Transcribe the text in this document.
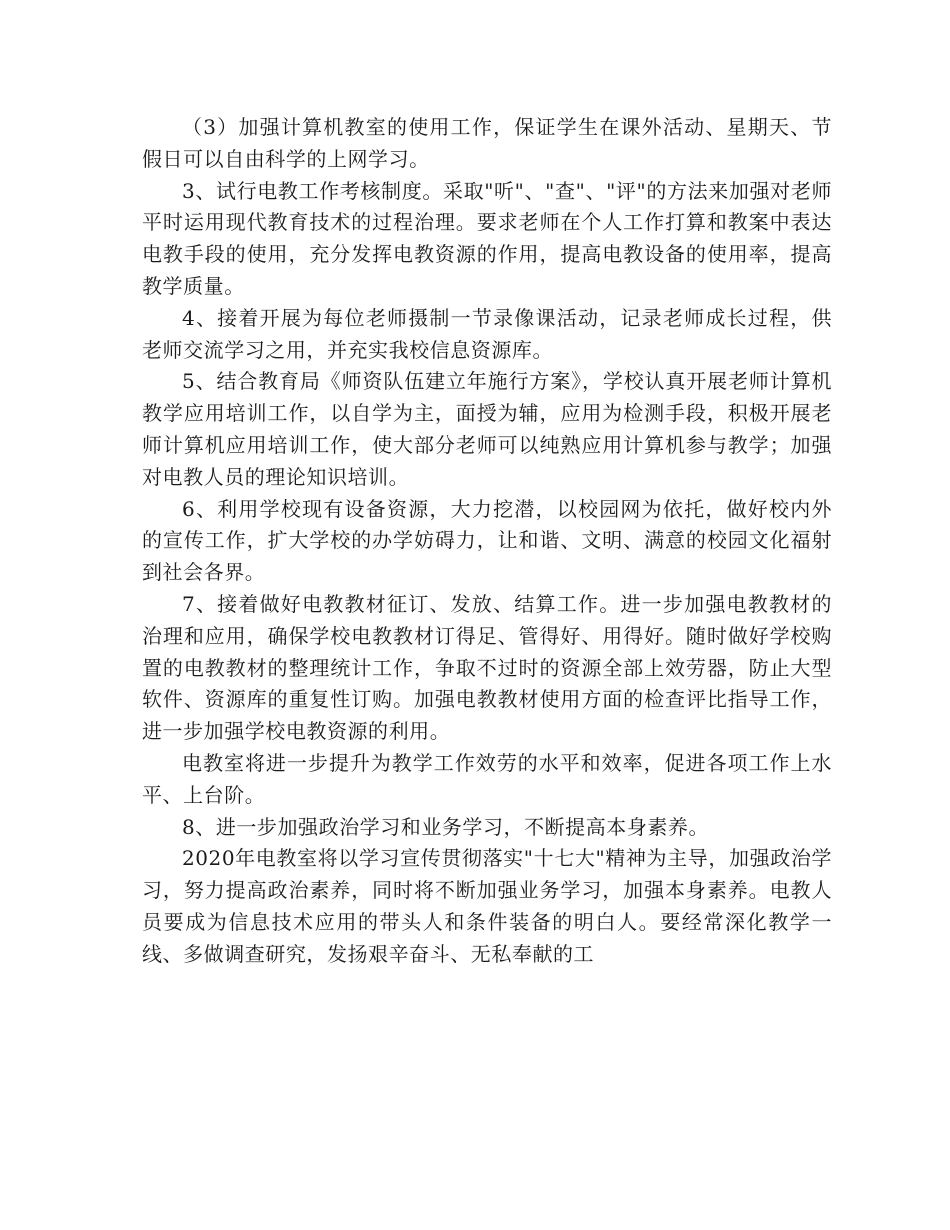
（3）加强计算机教室的使用工作，保证学生在课外活动、星期天、节假日可以自由科学的上网学习。

3、试行电教工作考核制度。采取"听"、"查"、"评"的方法来加强对老师平时运用现代教育技术的过程治理。要求老师在个人工作打算和教案中表达电教手段的使用，充分发挥电教资源的作用，提高电教设备的使用率，提高教学质量。

4、接着开展为每位老师摄制一节录像课活动，记录老师成长过程，供老师交流学习之用，并充实我校信息资源库。

5、结合教育局《师资队伍建立年施行方案》，学校认真开展老师计算机教学应用培训工作，以自学为主，面授为辅，应用为检测手段，积极开展老师计算机应用培训工作，使大部分老师可以纯熟应用计算机参与教学；加强对电教人员的理论知识培训。

6、利用学校现有设备资源，大力挖潜，以校园网为依托，做好校内外的宣传工作，扩大学校的办学妨碍力，让和谐、文明、满意的校园文化福射到社会各界。

7、接着做好电教教材征订、发放、结算工作。进一步加强电教教材的治理和应用，确保学校电教教材订得足、管得好、用得好。随时做好学校购置的电教教材的整理统计工作，争取不过时的资源全部上效劳器，防止大型软件、资源库的重复性订购。加强电教教材使用方面的检查评比指导工作，进一步加强学校电教资源的利用。

电教室将进一步提升为教学工作效劳的水平和效率，促进各项工作上水平、上台阶。

8、进一步加强政治学习和业务学习，不断提高本身素养。

2020年电教室将以学习宣传贯彻落实"十七大"精神为主导，加强政治学习，努力提高政治素养，同时将不断加强业务学习，加强本身素养。电教人员要成为信息技术应用的带头人和条件装备的明白人。要经常深化教学一线、多做调查研究，发扬艰辛奋斗、无私奉献的工
